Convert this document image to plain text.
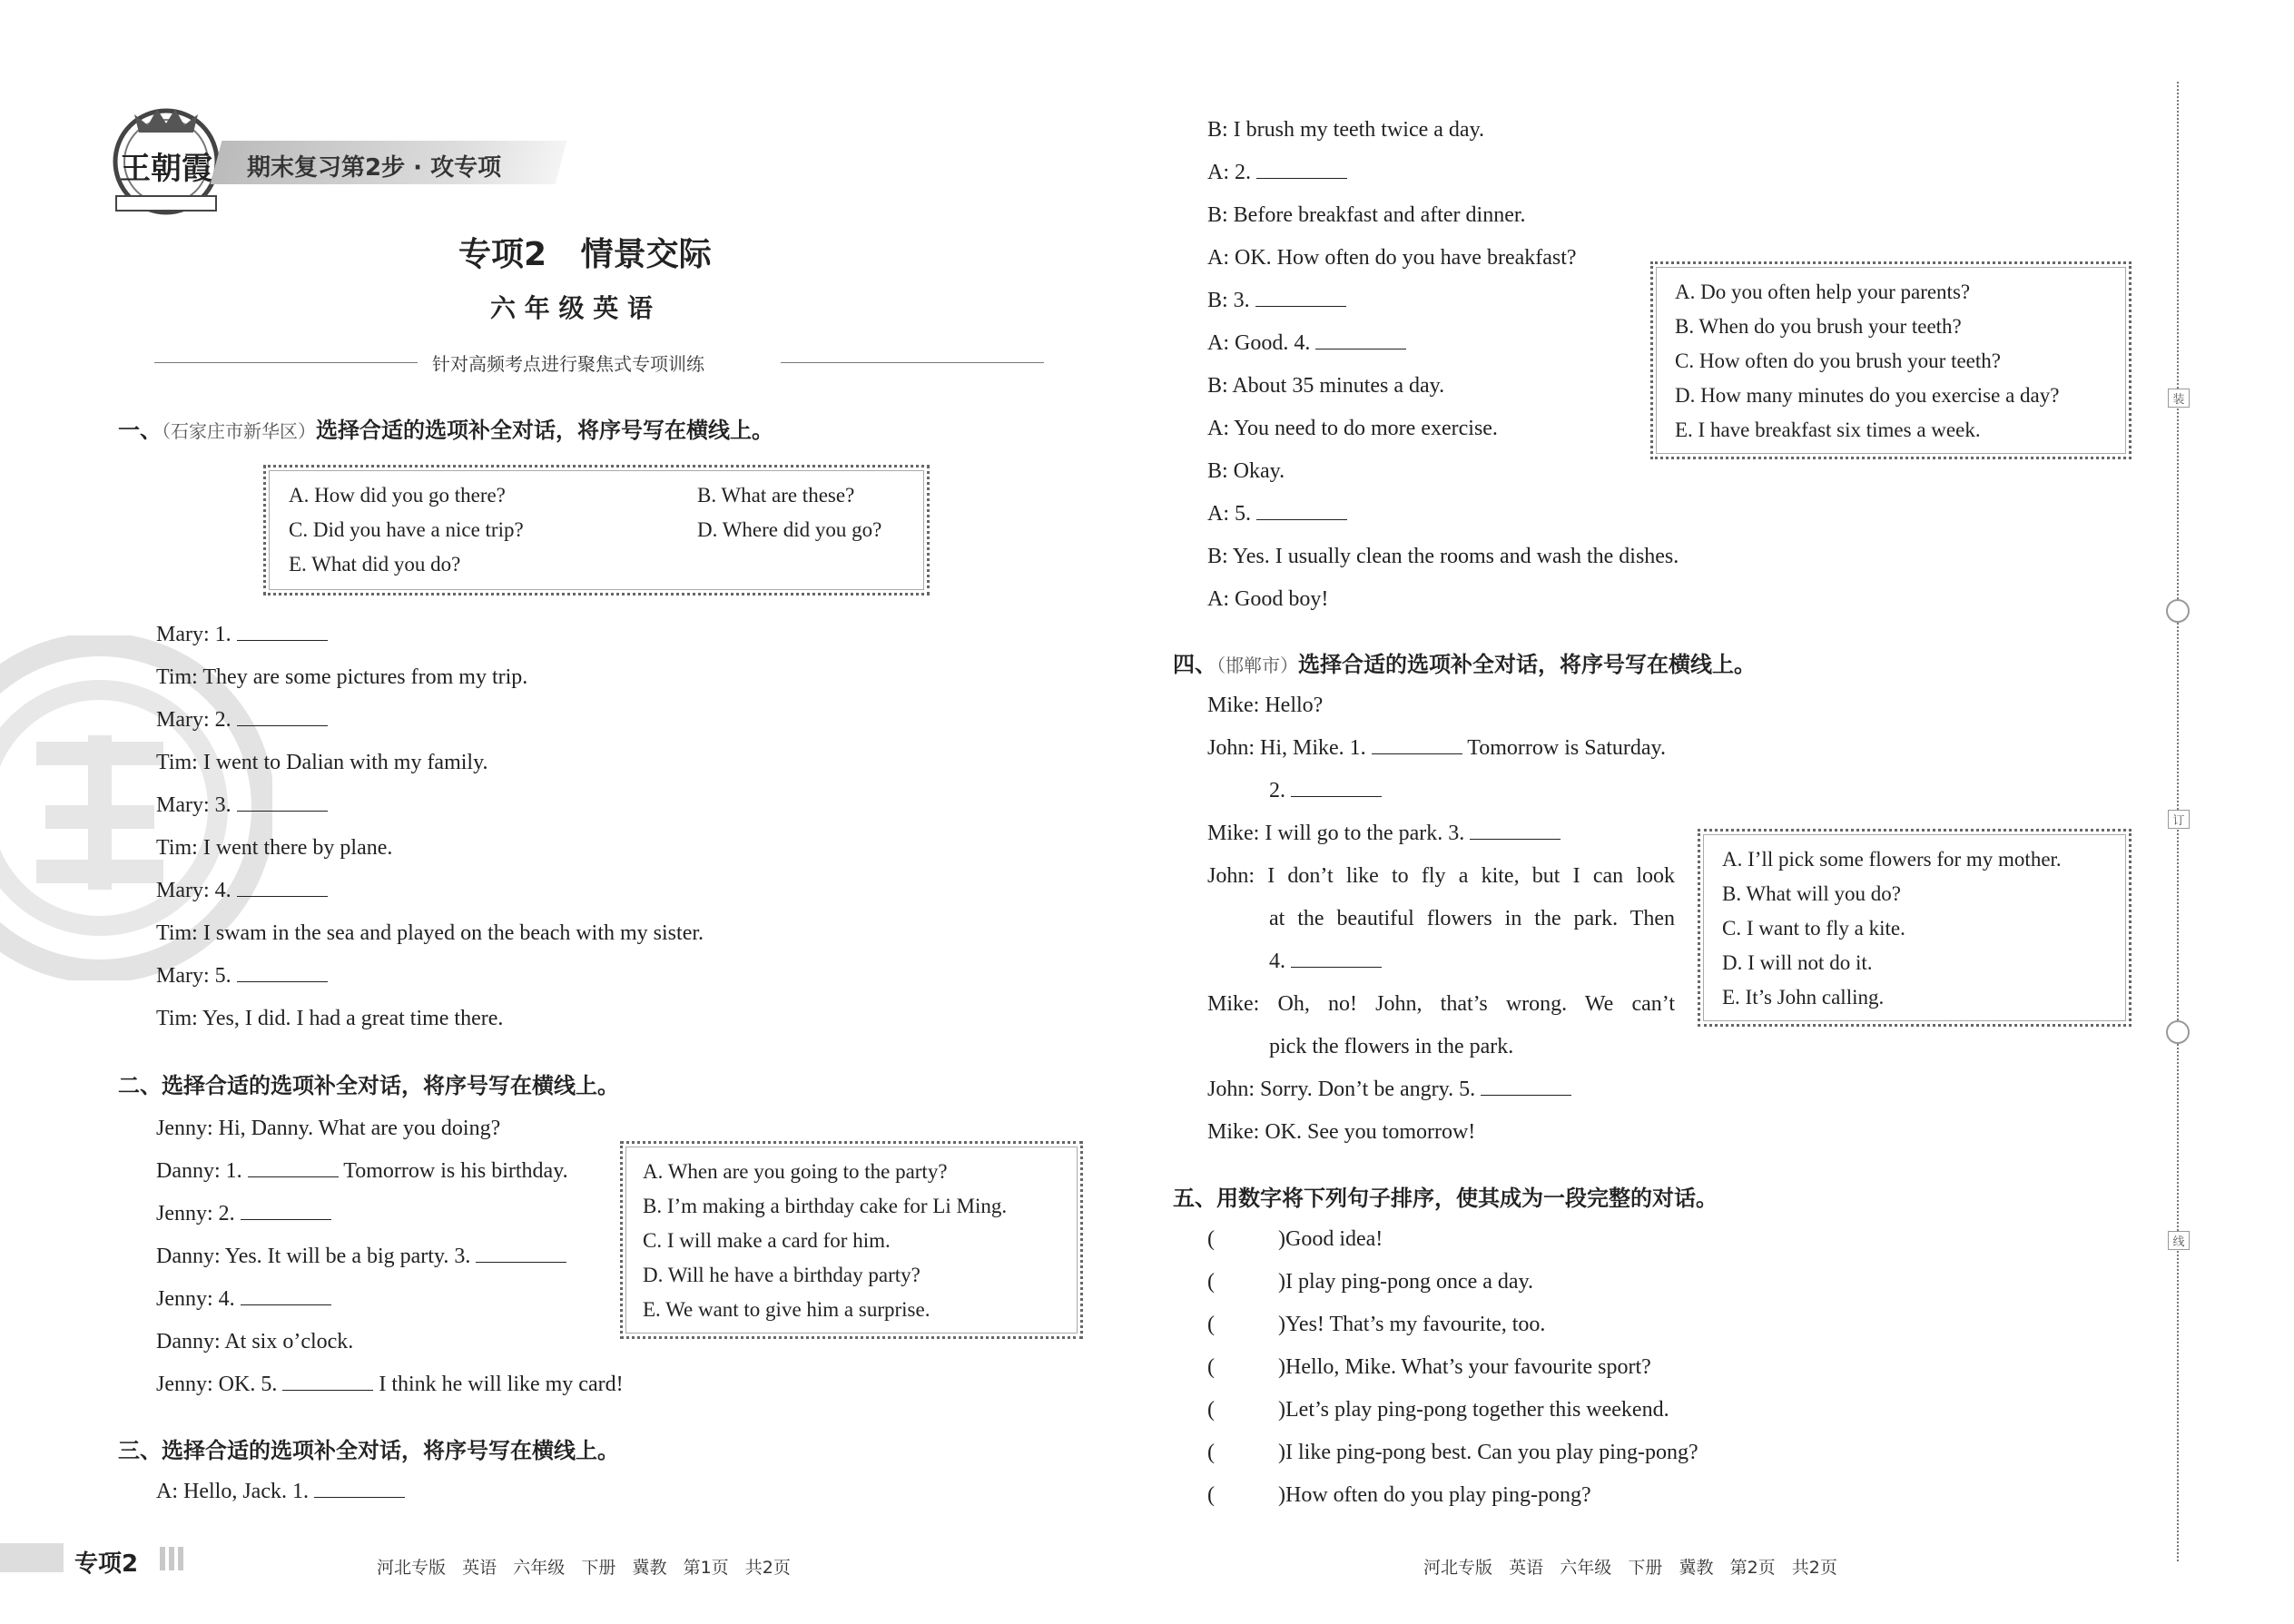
王朝霞 期末复习第2步 · 攻专项
专项2   情景交际
六 年 级 英 语
针对高频考点进行聚焦式专项训练
一、（石家庄市新华区）选择合适的选项补全对话，将序号写在横线上。
A. How did you go there?	B. What are these?
C. Did you have a nice trip?	D. Where did you go?
E. What did you do?
Mary: 1.
Tim: They are some pictures from my trip.
Mary: 2.
Tim: I went to Dalian with my family.
Mary: 3.
Tim: I went there by plane.
Mary: 4.
Tim: I swam in the sea and played on the beach with my sister.
Mary: 5.
Tim: Yes, I did. I had a great time there.
二、选择合适的选项补全对话，将序号写在横线上。
Jenny: Hi, Danny. What are you doing?
Danny: 1.	Tomorrow is his birthday.
Jenny: 2.
Danny: Yes. It will be a big party. 3.
Jenny: 4.
Danny: At six o’clock.
Jenny: OK. 5.	I think he will like my card!
A. When are you going to the party?
B. I’m making a birthday cake for Li Ming.
C. I will make a card for him.
D. Will he have a birthday party?
E. We want to give him a surprise.
三、选择合适的选项补全对话，将序号写在横线上。
A: Hello, Jack. 1.
B: I brush my teeth twice a day.
A: 2.
B: Before breakfast and after dinner.
A: OK. How often do you have breakfast?
B: 3.
A: Good. 4.
B: About 35 minutes a day.
A: You need to do more exercise.
B: Okay.
A: 5.
B: Yes. I usually clean the rooms and wash the dishes.
A: Good boy!
A. Do you often help your parents?
B. When do you brush your teeth?
C. How often do you brush your teeth?
D. How many minutes do you exercise a day?
E. I have breakfast six times a week.
四、（邯郸市）选择合适的选项补全对话，将序号写在横线上。
Mike: Hello?
John: Hi, Mike. 1.	Tomorrow is Saturday.
2.
Mike: I will go to the park. 3.
John: I don’t like to fly a kite, but I can look
at the beautiful flowers in the park. Then
4.
Mike: Oh, no! John, that’s wrong. We can’t
pick the flowers in the park.
John: Sorry. Don’t be angry. 5.
Mike: OK. See you tomorrow!
A. I’ll pick some flowers for my mother.
B. What will you do?
C. I want to fly a kite.
D. I will not do it.
E. It’s John calling.
五、用数字将下列句子排序，使其成为一段完整的对话。
(	)Good idea!
(	)I play ping-pong once a day.
(	)Yes! That’s my favourite, too.
(	)Hello, Mike. What’s your favourite sport?
(	)Let’s play ping-pong together this weekend.
(	)I like ping-pong best. Can you play ping-pong?
(	)How often do you play ping-pong?
装
订
线
专项2	河北专版   英语   六年级   下册   冀教   第1页   共2页	河北专版   英语   六年级   下册   冀教   第2页   共2页
